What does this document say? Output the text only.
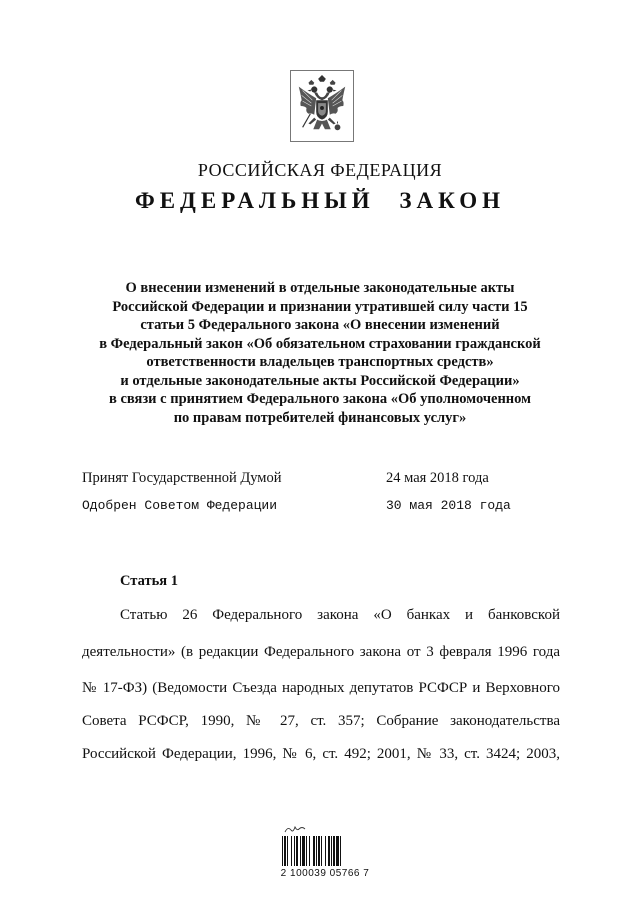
РОССИЙСКАЯ ФЕДЕРАЦИЯ
ФЕДЕРАЛЬНЫЙ ЗАКОН
О внесении изменений в отдельные законодательные акты
Российской Федерации и признании утратившей силу части 15
статьи 5 Федерального закона «О внесении изменений
в Федеральный закон «Об обязательном страховании гражданской
ответственности владельцев транспортных средств»
и отдельные законодательные акты Российской Федерации»
в связи с принятием Федерального закона «Об уполномоченном
по правам потребителей финансовых услуг»
Принят Государственной Думой	24 мая 2018 года
Одобрен Советом Федерации	30 мая 2018 года
Статья 1
Статью 26 Федерального закона «О банках и банковской
деятельности» (в редакции Федерального закона от 3 февраля 1996 года
№ 17-ФЗ) (Ведомости Съезда народных депутатов РСФСР и Верховного
Совета РСФСР, 1990, № 27, ст. 357; Собрание законодательства
Российской Федерации, 1996, № 6, ст. 492; 2001, № 33, ст. 3424; 2003,
2 100039 05766 7
